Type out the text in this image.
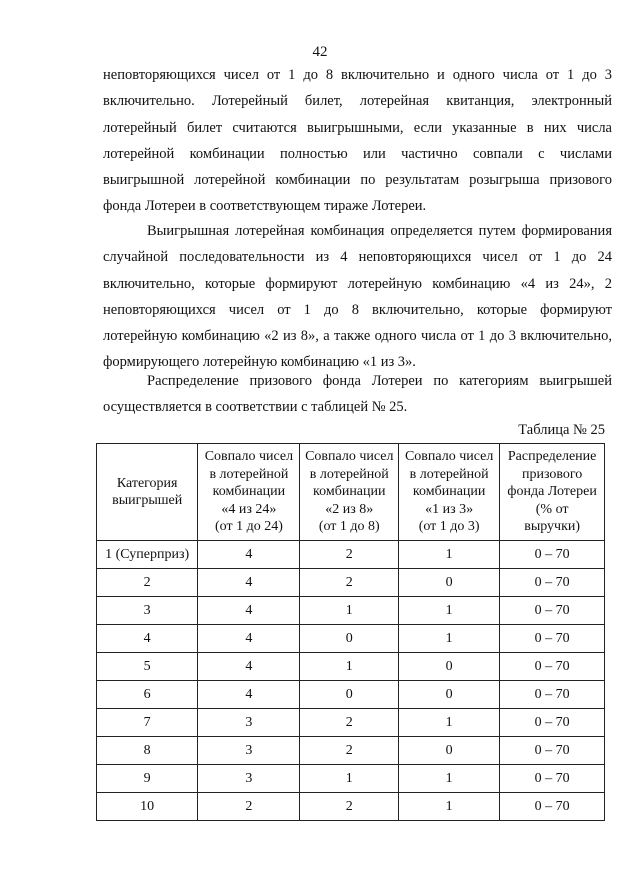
42

неповторяющихся чисел от 1 до 8 включительно и одного числа от 1 до 3 включительно. Лотерейный билет, лотерейная квитанция, электронный лотерейный билет считаются выигрышными, если указанные в них числа лотерейной комбинации полностью или частично совпали с числами выигрышной лотерейной комбинации по результатам розыгрыша призового фонда Лотереи в соответствующем тираже Лотереи.

Выигрышная лотерейная комбинация определяется путем формирования случайной последовательности из 4 неповторяющихся чисел от 1 до 24 включительно, которые формируют лотерейную комбинацию «4 из 24», 2 неповторяющихся чисел от 1 до 8 включительно, которые формируют лотерейную комбинацию «2 из 8», а также одного числа от 1 до 3 включительно, формирующего лотерейную комбинацию «1 из 3».

Распределение призового фонда Лотереи по категориям выигрышей осуществляется в соответствии с таблицей № 25.

Таблица № 25
Категория
выигрышей	Совпало чисел
в лотерейной
комбинации
«4 из 24»
(от 1 до 24)	Совпало чисел
в лотерейной
комбинации
«2 из 8»
(от 1 до 8)	Совпало чисел
в лотерейной
комбинации
«1 из 3»
(от 1 до 3)	Распределение
призового
фонда Лотереи
(% от
выручки)
1 (Суперприз)	4	2	1	0 – 70
2	4	2	0	0 – 70
3	4	1	1	0 – 70
4	4	0	1	0 – 70
5	4	1	0	0 – 70
6	4	0	0	0 – 70
7	3	2	1	0 – 70
8	3	2	0	0 – 70
9	3	1	1	0 – 70
10	2	2	1	0 – 70
